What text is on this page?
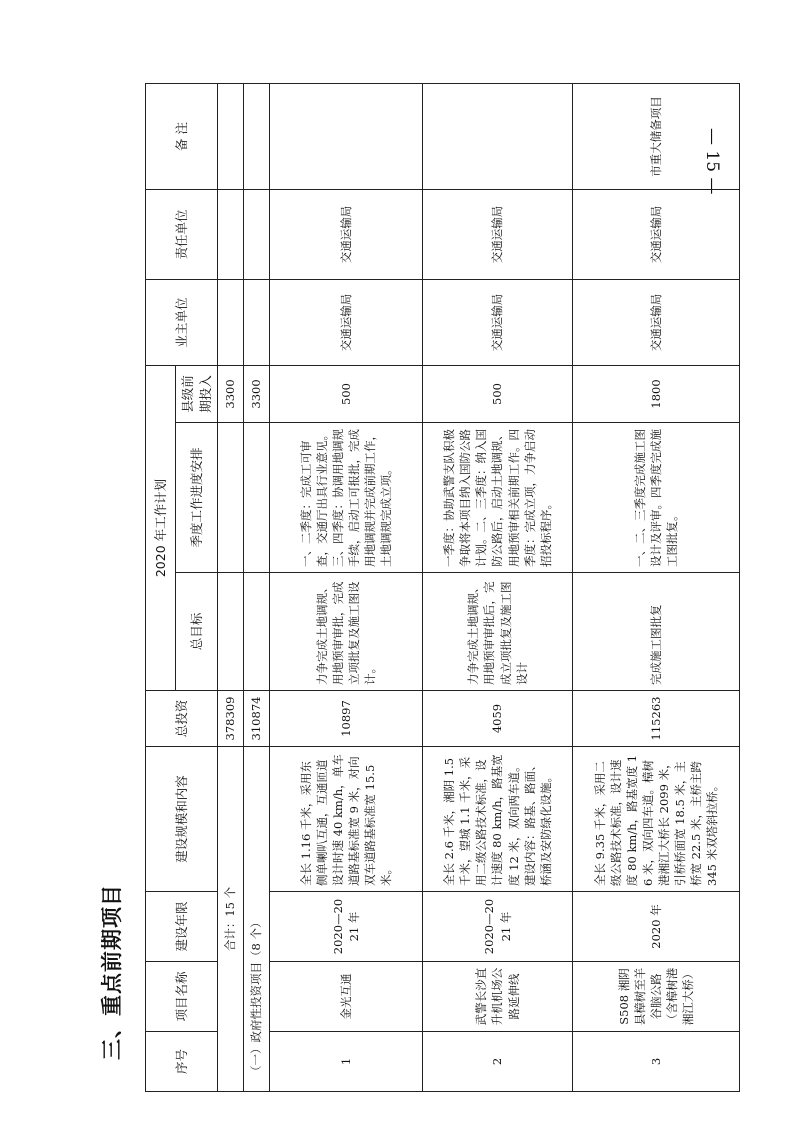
三、重点前期项目
— 15 —
序号	项目名称	建设年限	建设规模和内容	总投资	2020 年工作计划			业主单位	责任单位	备 注
					总目标	季度工作进度安排	县级前期投入			
合计：15 个				378309			3300			
（一）政府性投资项目（8 个）				310874			3300			
1	金光互通	2020—2021 年	全长 1.16 千米，采用东侧单喇叭互通，互通匝道设计时速 40 km/h，单车道路基标准宽 9 米，对向双车道路基标准宽 15.5 米。	10897	力争完成土地调规、用地预审审批，完成立项批复及施工图设计。	一、二季度：完成工可审查，交通厅出具行业意见。三、四季度：协调用地调规手续，启动工可报批，完成用地调规并完成前期工作，土地调规完成立项。	500	交通运输局	交通运输局	
2	武警长沙直升机机场公路延伸线	2020—2021 年	全长 2.6 千米，湘阴 1.5 千米，望城 1.1 千米，采用二级公路技术标准，设计速度 80 km/h，路基宽度 12 米，双向两车道。建设内容：路基、路面、桥涵及安防绿化设施。	4059	力争完成土地调规、用地预审审批后，完成立项批复及施工图设计	一季度：协助武警支队积极争取将本项目纳入国防公路计划。二、三季度：纳入国防公路后，启动土地调规、用地预审相关前期工作。四季度：完成立项，力争启动招投标程序。	500	交通运输局	交通运输局	
3	S508 湘阴县樟树至羊谷脑公路（含樟树港湘江大桥）	2020 年	全长 9.35 千米，采用二级公路技术标准，设计速度 80 km/h，路基宽度 16 米，双向四车道。樟树港湘江大桥长 2099 米，引桥桥面宽 18.5 米，主桥宽 22.5 米，主桥主跨 345 米双塔斜拉桥。	115263	完成施工图批复	一、二、三季度完成施工图设计及评审。四季度完成施工图批复。	1800	交通运输局	交通运输局	市重大储备项目
